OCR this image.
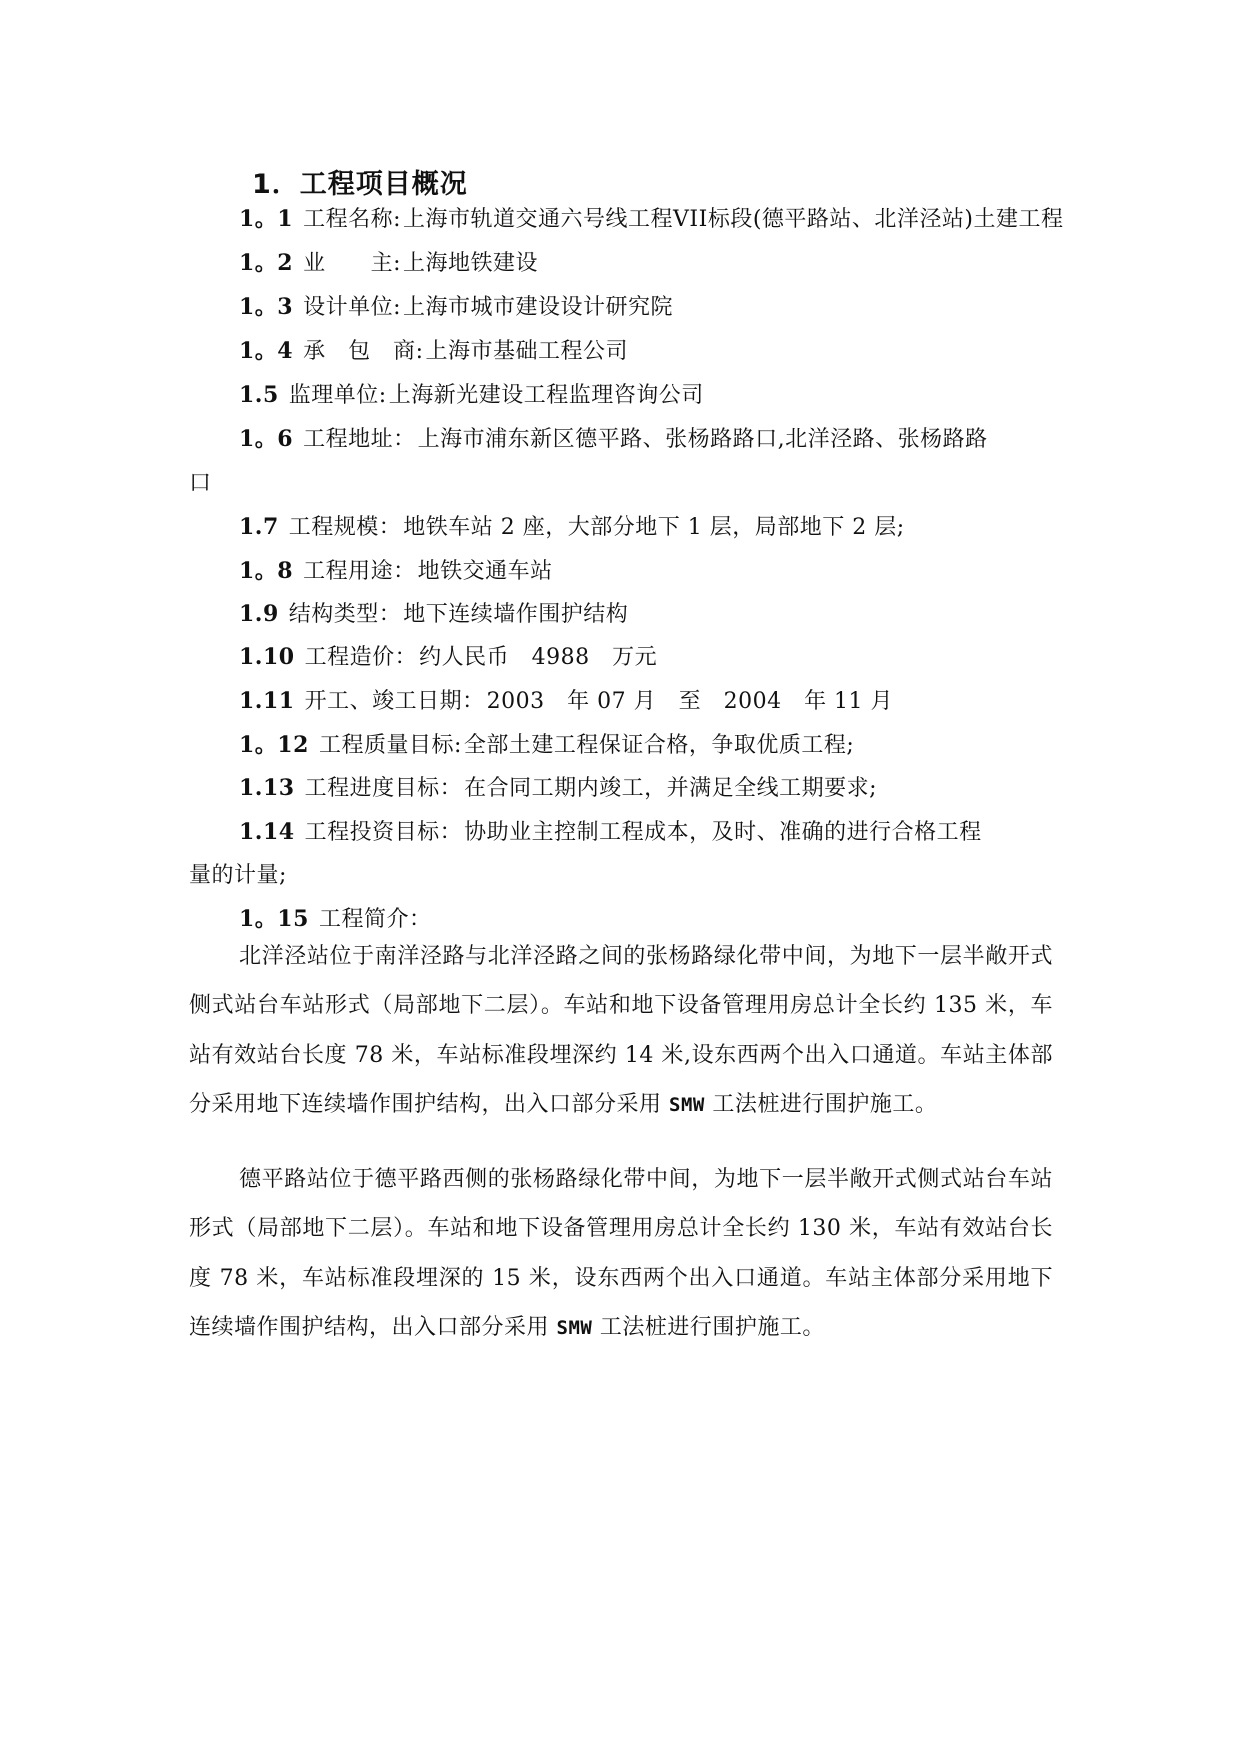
1．工程项目概况
1。1 工程名称:上海市轨道交通六号线工程VII标段(德平路站、北洋泾站)土建工程
1。2 业　　主:上海地铁建设
1。3 设计单位:上海市城市建设设计研究院
1。4 承　包　商:上海市基础工程公司
1.5 监理单位:上海新光建设工程监理咨询公司
1。6 工程地址：上海市浦东新区德平路、张杨路路口,北洋泾路、张杨路路
口
1.7 工程规模：地铁车站 2 座，大部分地下 1 层，局部地下 2 层;
1。8 工程用途：地铁交通车站
1.9 结构类型：地下连续墙作围护结构
1.10 工程造价：约人民币　4988　万元
1.11 开工、竣工日期：2003　年 07 月　至　2004　年 11 月
1。12 工程质量目标:全部土建工程保证合格，争取优质工程;
1.13 工程进度目标：在合同工期内竣工，并满足全线工期要求;
1.14 工程投资目标：协助业主控制工程成本，及时、准确的进行合格工程
量的计量;
1。15 工程简介：
北洋泾站位于南洋泾路与北洋泾路之间的张杨路绿化带中间，为地下一层半敞开式侧式站台车站形式（局部地下二层）。车站和地下设备管理用房总计全长约 135 米，车站有效站台长度 78 米，车站标准段埋深约 14 米,设东西两个出入口通道。车站主体部分采用地下连续墙作围护结构，出入口部分采用 SMW 工法桩进行围护施工。
德平路站位于德平路西侧的张杨路绿化带中间，为地下一层半敞开式侧式站台车站形式（局部地下二层）。车站和地下设备管理用房总计全长约 130 米，车站有效站台长度 78 米，车站标准段埋深的 15 米，设东西两个出入口通道。车站主体部分采用地下连续墙作围护结构，出入口部分采用 SMW 工法桩进行围护施工。
